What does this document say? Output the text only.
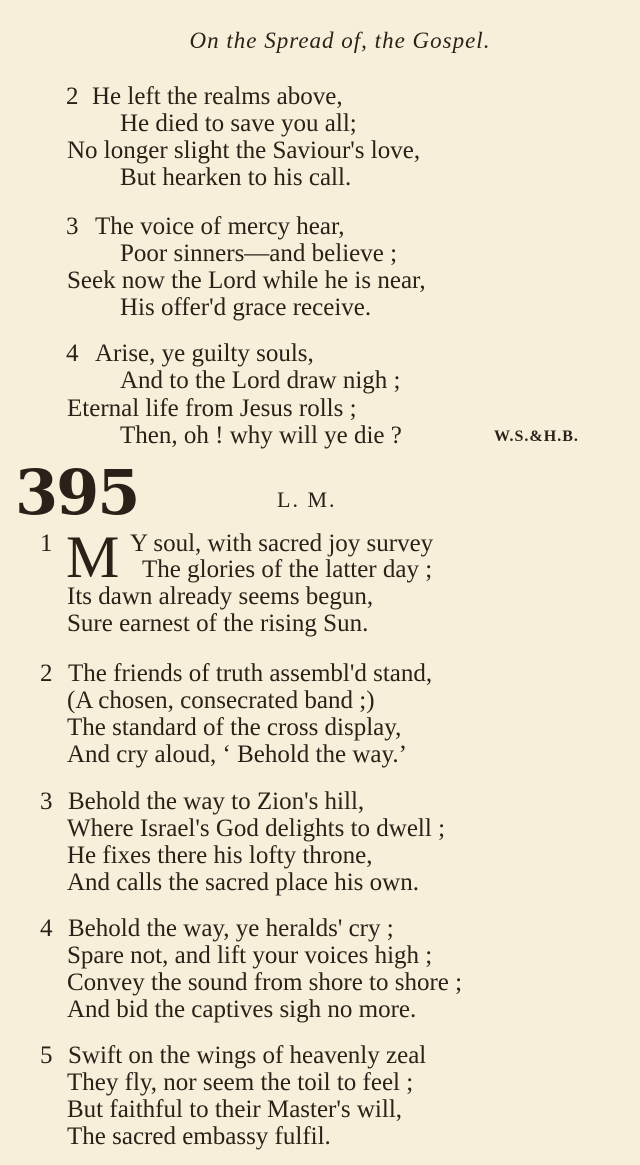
On the Spread of, the Gospel.
2 He left the realms above,
He died to save you all;
No longer slight the Saviour's love,
But hearken to his call.
3 The voice of mercy hear,
Poor sinners—and believe ;
Seek now the Lord while he is near,
His offer'd grace receive.
4 Arise, ye guilty souls,
And to the Lord draw nigh ;
Eternal life from Jesus rolls ;
Then, oh ! why will ye die ?	W.S.&H.B.
395	L. M.
1 M Y soul, with sacred joy survey
The glories of the latter day ;
Its dawn already seems begun,
Sure earnest of the rising Sun.
2 The friends of truth assembl'd stand,
(A chosen, consecrated band ;)
The standard of the cross display,
And cry aloud, ‘ Behold the way.’
3 Behold the way to Zion's hill,
Where Israel's God delights to dwell ;
He fixes there his lofty throne,
And calls the sacred place his own.
4 Behold the way, ye heralds' cry ;
Spare not, and lift your voices high ;
Convey the sound from shore to shore ;
And bid the captives sigh no more.
5 Swift on the wings of heavenly zeal
They fly, nor seem the toil to feel ;
But faithful to their Master's will,
The sacred embassy fulfil.
